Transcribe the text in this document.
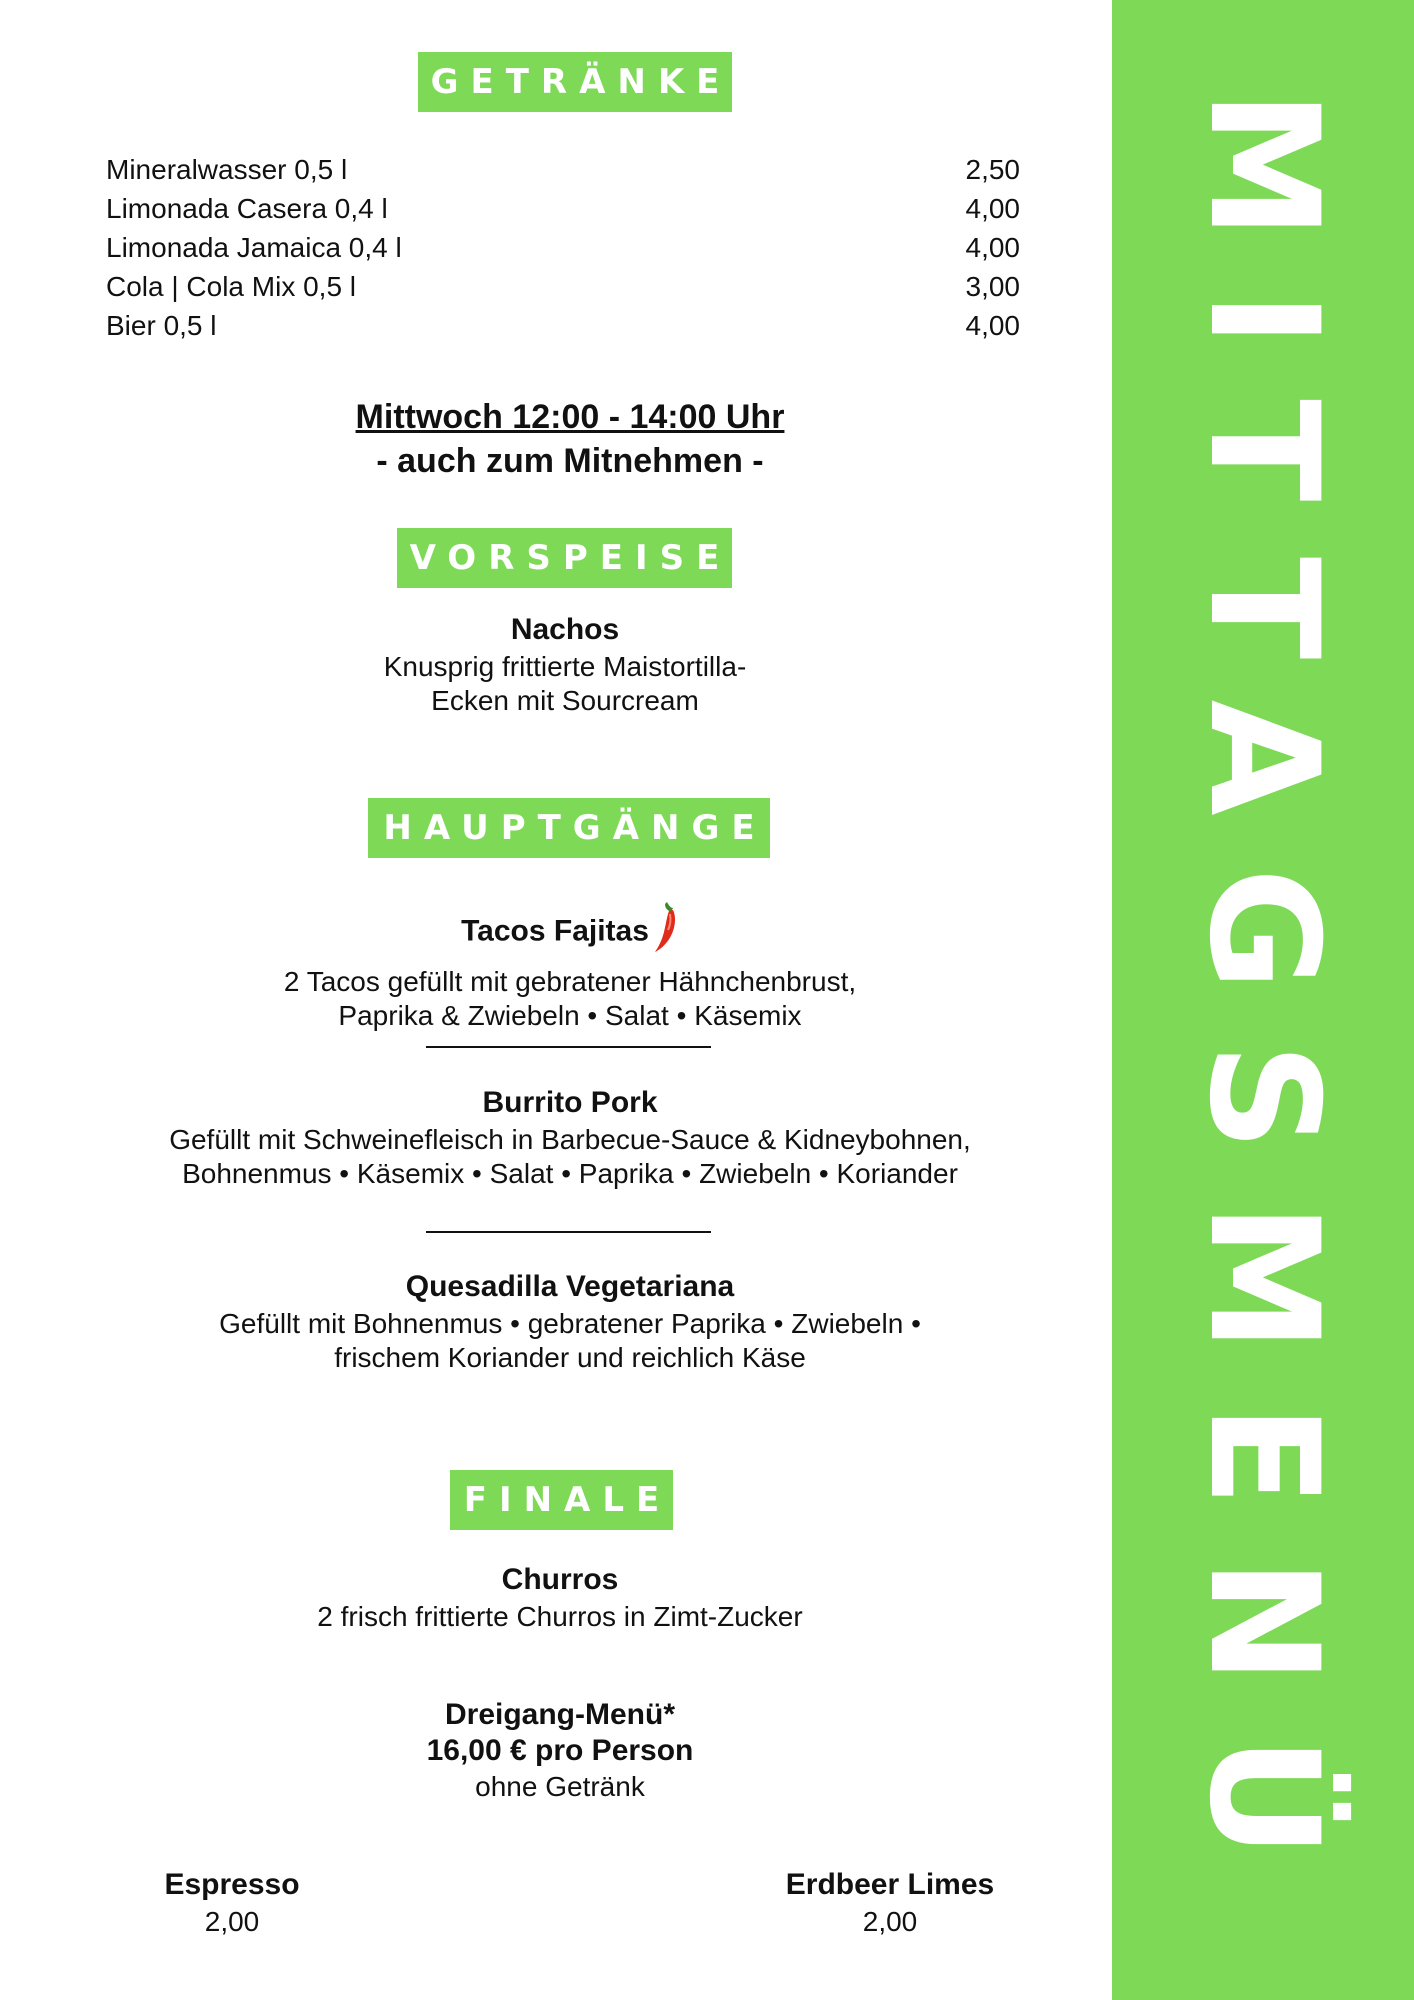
MITTAGSMENÜ
GETRÄNKE
Mineralwasser 0,5 l	2,50
Limonada Casera 0,4 l	4,00
Limonada Jamaica 0,4 l	4,00
Cola | Cola Mix 0,5 l	3,00
Bier 0,5 l	4,00
Mittwoch 12:00 - 14:00 Uhr
- auch zum Mitnehmen -
VORSPEISE
Nachos
Knusprig frittierte Maistortilla-
Ecken mit Sourcream
HAUPTGÄNGE
Tacos Fajitas
2 Tacos gefüllt mit gebratener Hähnchenbrust,
Paprika & Zwiebeln • Salat • Käsemix
Burrito Pork
Gefüllt mit Schweinefleisch in Barbecue-Sauce & Kidneybohnen,
Bohnenmus • Käsemix • Salat • Paprika • Zwiebeln • Koriander
Quesadilla Vegetariana
Gefüllt mit Bohnenmus • gebratener Paprika • Zwiebeln •
frischem Koriander und reichlich Käse
FINALE
Churros
2 frisch frittierte Churros in Zimt-Zucker
Dreigang-Menü*
16,00 € pro Person
ohne Getränk
Espresso
2,00
Erdbeer Limes
2,00
